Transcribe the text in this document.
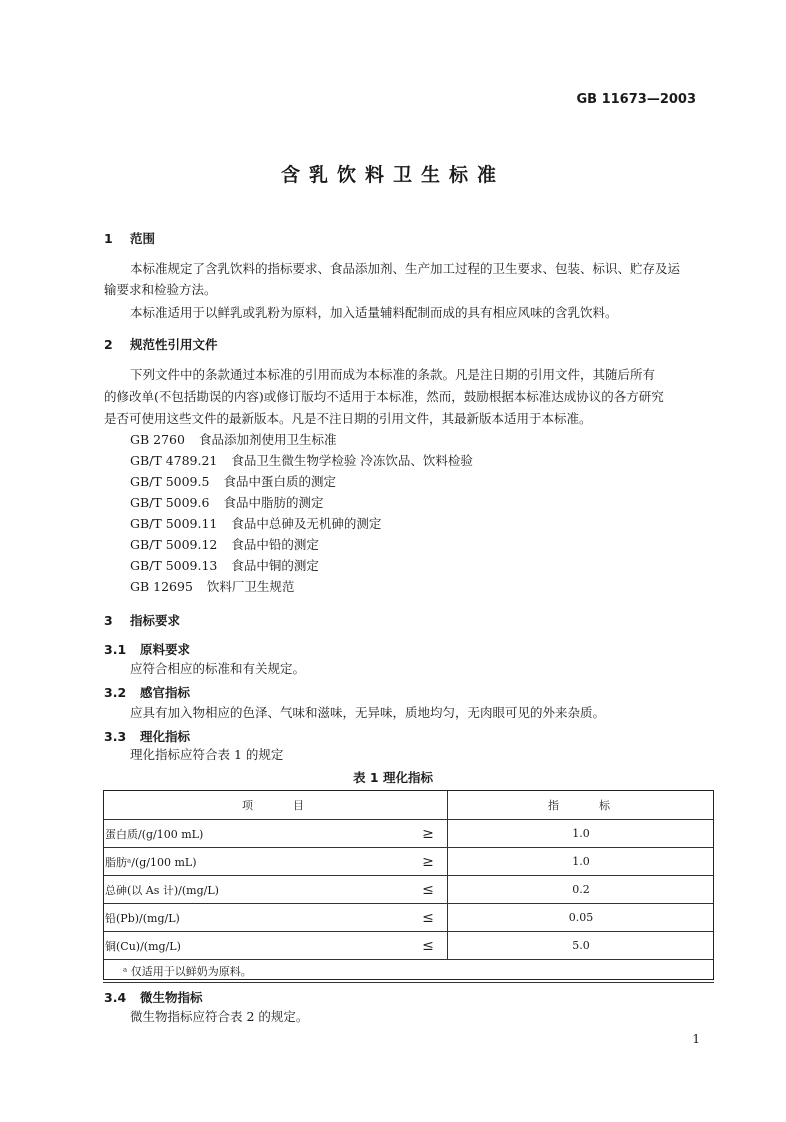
GB 11673—2003
含乳饮料卫生标准
1 范围
本标准规定了含乳饮料的指标要求、食品添加剂、生产加工过程的卫生要求、包装、标识、贮存及运
输要求和检验方法。
本标准适用于以鲜乳或乳粉为原料，加入适量辅料配制而成的具有相应风味的含乳饮料。
2 规范性引用文件
下列文件中的条款通过本标准的引用而成为本标准的条款。凡是注日期的引用文件，其随后所有
的修改单(不包括勘误的内容)或修订版均不适用于本标准，然而，鼓励根据本标准达成协议的各方研究
是否可使用这些文件的最新版本。凡是不注日期的引用文件，其最新版本适用于本标准。
GB 2760 食品添加剂使用卫生标准
GB/T 4789.21 食品卫生微生物学检验 冷冻饮品、饮料检验
GB/T 5009.5 食品中蛋白质的测定
GB/T 5009.6 食品中脂肪的测定
GB/T 5009.11 食品中总砷及无机砷的测定
GB/T 5009.12 食品中铅的测定
GB/T 5009.13 食品中铜的测定
GB 12695 饮料厂卫生规范
3 指标要求
3.1 原料要求
应符合相应的标准和有关规定。
3.2 感官指标
应具有加入物相应的色泽、气味和滋味，无异味，质地均匀，无肉眼可见的外来杂质。
3.3 理化指标
理化指标应符合表 1 的规定
表 1 理化指标
项目		指标
蛋白质/(g/100 mL)	≥	1.0
脂肪ᵃ/(g/100 mL)	≥	1.0
总砷(以 As 计)/(mg/L)	≤	0.2
铅(Pb)/(mg/L)	≤	0.05
铜(Cu)/(mg/L)	≤	5.0
ᵃ 仅适用于以鲜奶为原料。		
3.4 微生物指标
微生物指标应符合表 2 的规定。
1
